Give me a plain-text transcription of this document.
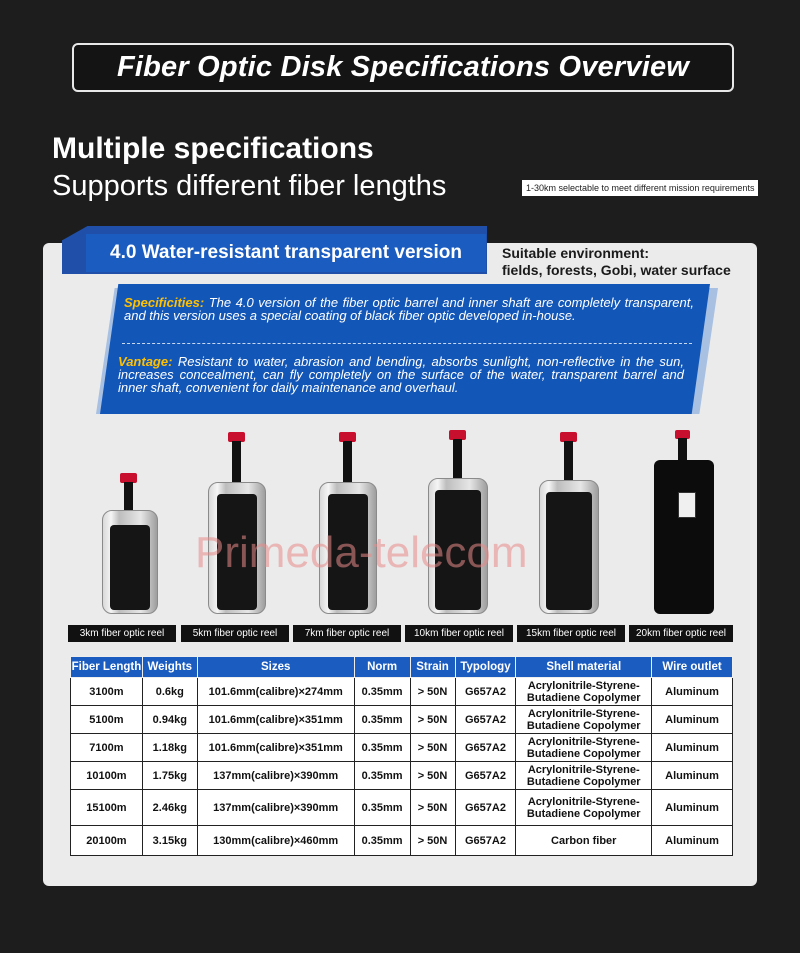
Fiber Optic Disk Specifications Overview
Multiple specifications
Supports different fiber lengths	1-30km selectable to meet different mission requirements
4.0 Water-resistant transparent version	Suitable environment:
fields, forests, Gobi, water surface
Specificities: The 4.0 version of the fiber optic barrel and inner shaft are completely transparent, and this version uses a special coating of black fiber optic developed in-house.
Vantage: Resistant to water, abrasion and bending, absorbs sunlight, non-reflective in the sun, increases concealment, can fly completely on the surface of the water, transparent barrel and inner shaft, convenient for daily maintenance and overhaul.
Primeda-telecom
3km fiber optic reel	5km fiber optic reel	7km fiber optic reel	10km fiber optic reel	15km fiber optic reel	20km fiber optic reel
Fiber Length	Weights	Sizes	Norm	Strain	Typology	Shell material	Wire outlet
3100m	0.6kg	101.6mm(calibre)×274mm	0.35mm	> 50N	G657A2	Acrylonitrile-Styrene-Butadiene Copolymer	Aluminum
5100m	0.94kg	101.6mm(calibre)×351mm	0.35mm	> 50N	G657A2	Acrylonitrile-Styrene-Butadiene Copolymer	Aluminum
7100m	1.18kg	101.6mm(calibre)×351mm	0.35mm	> 50N	G657A2	Acrylonitrile-Styrene-Butadiene Copolymer	Aluminum
10100m	1.75kg	137mm(calibre)×390mm	0.35mm	> 50N	G657A2	Acrylonitrile-Styrene-Butadiene Copolymer	Aluminum
15100m	2.46kg	137mm(calibre)×390mm	0.35mm	> 50N	G657A2	Acrylonitrile-Styrene-Butadiene Copolymer	Aluminum
20100m	3.15kg	130mm(calibre)×460mm	0.35mm	> 50N	G657A2	Carbon fiber	Aluminum
